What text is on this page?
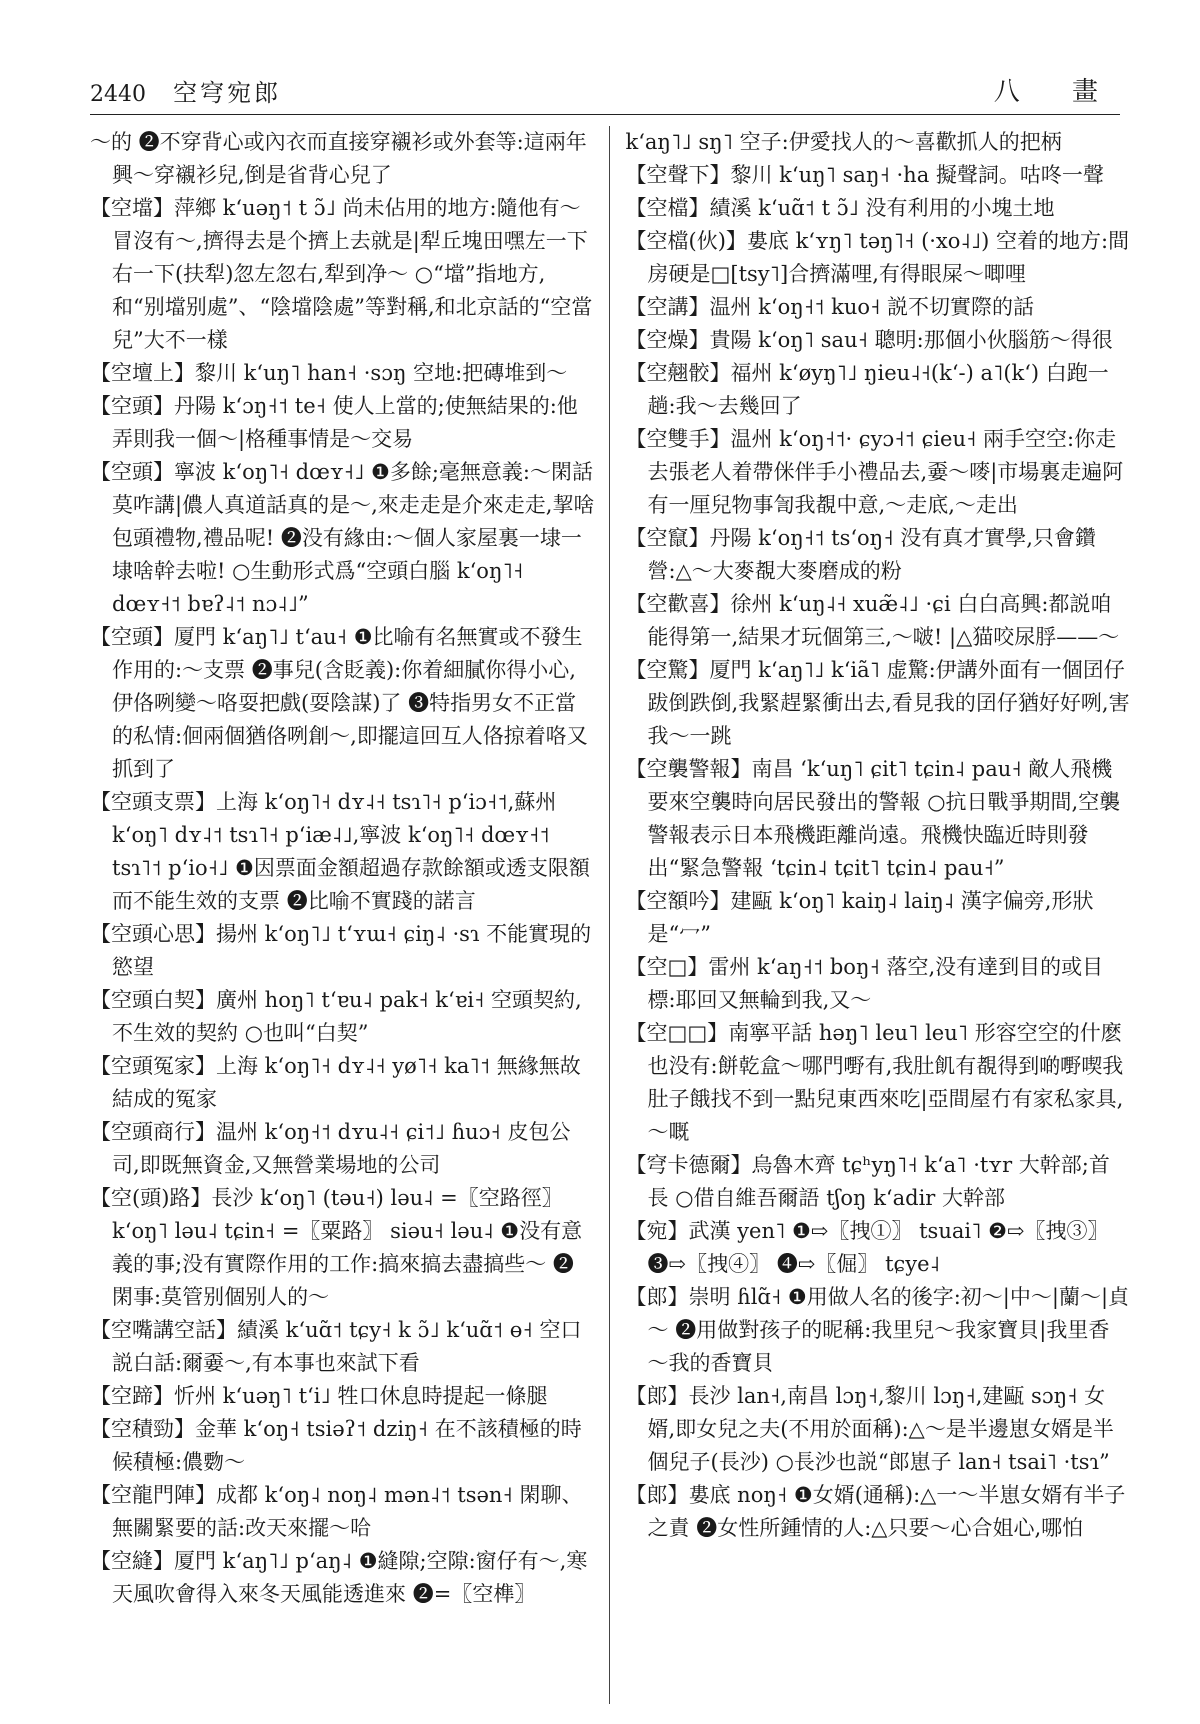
2440 空穹宛郎	八 畫

～的 ❷不穿背心或內衣而直接穿襯衫或外套等:這兩年興～穿襯衫兒,倒是省背心兒了

【空壋】萍鄉 kʻuəŋ˦ t ɔ̃˩ 尚未佔用的地方:隨他有～冒沒有～,擠得去是个擠上去就是|犁丘塊田嘿左一下右一下(扶犁)忽左忽右,犁到净～ ○“壋”指地方,和“别壋别處”、“陰壋陰處”等對稱,和北京話的“空當兒”大不一樣

【空壇上】黎川 kʻuŋ˥ han˧ ·sɔŋ 空地:把磚堆到～

【空頭】丹陽 kʻɔŋ˧˦ te˧ 使人上當的;使無結果的:他弄則我一個～|格種事情是～交易

【空頭】寧波 kʻoŋ˥˧ dœʏ˧˩ ❶多餘;毫無意義:～閑話莫咋講|儂人真道話真的是～,來走走是介來走走,挈啥包頭禮物,禮品呢! ❷没有緣由:～個人家屋裏一埭一埭啥幹去啦! ○生動形式爲“空頭白腦 kʻoŋ˥˧ dœʏ˧˦ bɐʔ˨˦ nɔ˨˩”

【空頭】厦門 kʻaŋ˥˩ tʻau˧ ❶比喻有名無實或不發生作用的:～支票 ❷事兒(含貶義):你着細膩你得小心,伊佫咧變～咯耍把戲(耍陰謀)了 ❸特指男女不正當的私情:佪兩個猶佫咧創～,即擺這回互人佫掠着咯又抓到了

【空頭支票】上海 kʻoŋ˥˧ dʏ˨˧ tsɿ˥˧ pʻiɔ˧˦,蘇州 kʻoŋ˥ dʏ˨˦ tsɿ˥˧ pʻiæ˨˩,寧波 kʻoŋ˥˧ dœʏ˧˦ tsɿ˥˦ pʻio˧˩ ❶因票面金額超過存款餘額或透支限額而不能生效的支票 ❷比喻不實踐的諾言

【空頭心思】揚州 kʻoŋ˥˩ tʻʏɯ˧ ɕiŋ˨ ·sɿ 不能實現的慾望

【空頭白契】廣州 hoŋ˥ tʻɐu˨ pak˧ kʻɐi˧ 空頭契約,不生效的契約 ○也叫“白契”

【空頭冤家】上海 kʻoŋ˥˧ dʏ˨˧ yø˥˧ ka˥˦ 無緣無故結成的冤家

【空頭商行】温州 kʻoŋ˧˦ dʏu˨˧ ɕi˦˩ ɦuɔ˧ 皮包公司,即既無資金,又無營業場地的公司

【空(頭)路】長沙 kʻoŋ˥ (təu˧) ləu˨ =〖空路徑〗 kʻoŋ˥ ləu˨ tɕin˧ =〖粟路〗 siəu˧ ləu˨ ❶没有意義的事;没有實際作用的工作:搞來搞去盡搞些～ ❷閑事:莫管别個别人的～

【空嘴講空話】績溪 kʻuɑ̃˦ tɕy˧ k ɔ̃˩ kʻuɑ̃˦ ɵ˧ 空口説白話:爾嫑～,有本事也來試下看

【空蹄】忻州 kʻuəŋ˥ tʻi˩ 牲口休息時提起一條腿

【空積勁】金華 kʻoŋ˧ tsiəʔ˦ dziŋ˧ 在不該積極的時候積極:儂覅～

【空龍門陣】成都 kʻoŋ˨ noŋ˨ mən˨˦ tsən˧ 閑聊、無關緊要的話:改天來擺～哈

【空縫】厦門 kʻaŋ˥˩ pʻaŋ˨ ❶縫隙;空隙:窗仔有～,寒天風吹會得入來冬天風能透進來 ❷=〖空榫〗

kʻaŋ˥˩ sŋ˥ 空子:伊愛找人的～喜歡抓人的把柄

【空聲下】黎川 kʻuŋ˥ saŋ˧ ·ha 擬聲詞。咕咚一聲

【空檔】績溪 kʻuɑ̃˦ t ɔ̃˩ 没有利用的小塊土地

【空檔(伙)】婁底 kʻʏŋ˥ təŋ˥˧ (·xo˨˩) 空着的地方:間房硬是□[tsy˥]合擠滿哩,有得眼屎～唧哩

【空講】温州 kʻoŋ˧˦ kuo˧ 説不切實際的話

【空燥】貴陽 kʻoŋ˥ sau˧ 聰明:那個小伙腦筋～得很

【空翹骹】福州 kʻøyŋ˥˩ ŋieu˨˧(kʻ-) a˥(kʻ) 白跑一趟:我～去幾回了

【空雙手】温州 kʻoŋ˧˦· ɕyɔ˧˦ ɕieu˧ 兩手空空:你走去張老人着帶侎伴手小禮品去,嫑～嘜|市場裏走遍阿有一厘兒物事訇我覩中意,～走底,～走出

【空竄】丹陽 kʻoŋ˧˦ tsʻoŋ˧ 没有真才實學,只會鑽營:△～大麥覩大麥磨成的粉

【空歡喜】徐州 kʻuŋ˨˧ xuæ̃˨˩ ·ɕi 白白高興:都説咱能得第一,結果才玩個第三,～啵! |△猫咬尿脬——～

【空驚】厦門 kʻaŋ˥˩ kʻiã˥ 虚驚:伊講外面有一個囝仔跋倒跌倒,我緊趕緊衝出去,看見我的囝仔猶好好咧,害我～一跳

【空襲警報】南昌 ʻkʻuŋ˥ ɕit˥ tɕin˨ pau˧ 敵人飛機要來空襲時向居民發出的警報 ○抗日戰爭期間,空襲警報表示日本飛機距離尚遠。飛機快臨近時則發出“緊急警報 ʻtɕin˨ tɕit˥ tɕin˨ pau˧”

【空額吟】建甌 kʻoŋ˥ kaiŋ˨ laiŋ˨ 漢字偏旁,形狀是“冖”

【空□】雷州 kʻaŋ˧˦ boŋ˧ 落空,没有達到目的或目標:耶回又無輪到我,又～

【空□□】南寧平話 həŋ˥ leu˥ leu˥ 形容空空的什麽也没有:餅乾盒～哪門嘢有,我肚飢有覩得到啲嘢喫我肚子餓找不到一點兒東西來吃|亞間屋冇有家私家具,～嘅

【穹卡德爾】烏魯木齊 tɕʰyŋ˥˧ kʻa˥ ·tʏr 大幹部;首長 ○借自維吾爾語 tʃoŋ kʻadir 大幹部

【宛】武漢 yen˥ ❶⇨〖拽①〗 tsuai˥ ❷⇨〖拽③〗 ❸⇨〖拽④〗 ❹⇨〖倔〗 tɕye˨

【郎】崇明 ɦlɑ̃˧ ❶用做人名的後字:初～|中～|蘭～|貞～ ❷用做對孩子的昵稱:我里兒～我家寶貝|我里香～我的香寶貝

【郎】長沙 lan˧,南昌 lɔŋ˧,黎川 lɔŋ˧,建甌 sɔŋ˧ 女婿,即女兒之夫(不用於面稱):△～是半邊崽女婿是半個兒子(長沙) ○長沙也説“郎崽子 lan˧ tsai˥ ·tsɿ”

【郎】婁底 noŋ˧ ❶女婿(通稱):△一～半崽女婿有半子之責 ❷女性所鍾情的人:△只要～心合姐心,哪怕
